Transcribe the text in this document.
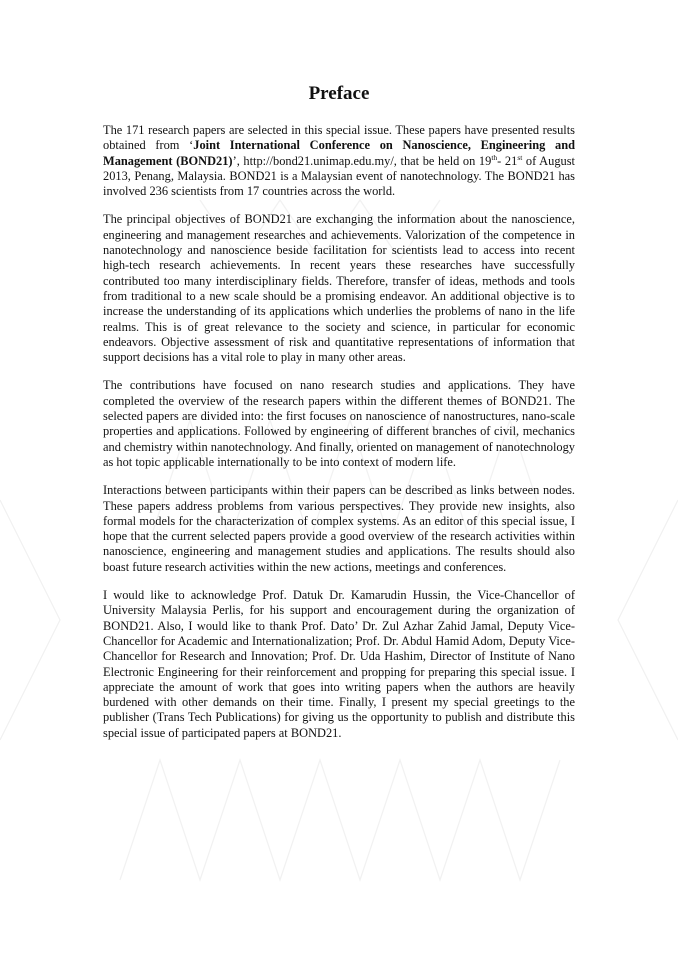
Preface

The 171 research papers are selected in this special issue. These papers have presented results obtained from ‘Joint International Conference on Nanoscience, Engineering and Management (BOND21)’, http://bond21.unimap.edu.my/, that be held on 19th- 21st of August 2013, Penang, Malaysia. BOND21 is a Malaysian event of nanotechnology. The BOND21 has involved 236 scientists from 17 countries across the world.

The principal objectives of BOND21 are exchanging the information about the nanoscience, engineering and management researches and achievements. Valorization of the competence in nanotechnology and nanoscience beside facilitation for scientists lead to access into recent high-tech research achievements. In recent years these researches have successfully contributed too many interdisciplinary fields. Therefore, transfer of ideas, methods and tools from traditional to a new scale should be a promising endeavor. An additional objective is to increase the understanding of its applications which underlies the problems of nano in the life realms. This is of great relevance to the society and science, in particular for economic endeavors. Objective assessment of risk and quantitative representations of information that support decisions has a vital role to play in many other areas.

The contributions have focused on nano research studies and applications. They have completed the overview of the research papers within the different themes of BOND21. The selected papers are divided into: the first focuses on nanoscience of nanostructures, nano-scale properties and applications. Followed by engineering of different branches of civil, mechanics and chemistry within nanotechnology. And finally, oriented on management of nanotechnology as hot topic applicable internationally to be into context of modern life.

Interactions between participants within their papers can be described as links between nodes. These papers address problems from various perspectives. They provide new insights, also formal models for the characterization of complex systems. As an editor of this special issue, I hope that the current selected papers provide a good overview of the research activities within nanoscience, engineering and management studies and applications. The results should also boast future research activities within the new actions, meetings and conferences.

I would like to acknowledge Prof. Datuk Dr. Kamarudin Hussin, the Vice-Chancellor of University Malaysia Perlis, for his support and encouragement during the organization of BOND21. Also, I would like to thank Prof. Dato’ Dr. Zul Azhar Zahid Jamal, Deputy Vice-Chancellor for Academic and Internationalization; Prof. Dr. Abdul Hamid Adom, Deputy Vice-Chancellor for Research and Innovation; Prof. Dr. Uda Hashim, Director of Institute of Nano Electronic Engineering for their reinforcement and propping for preparing this special issue. I appreciate the amount of work that goes into writing papers when the authors are heavily burdened with other demands on their time. Finally, I present my special greetings to the publisher (Trans Tech Publications) for giving us the opportunity to publish and distribute this special issue of participated papers at BOND21.
